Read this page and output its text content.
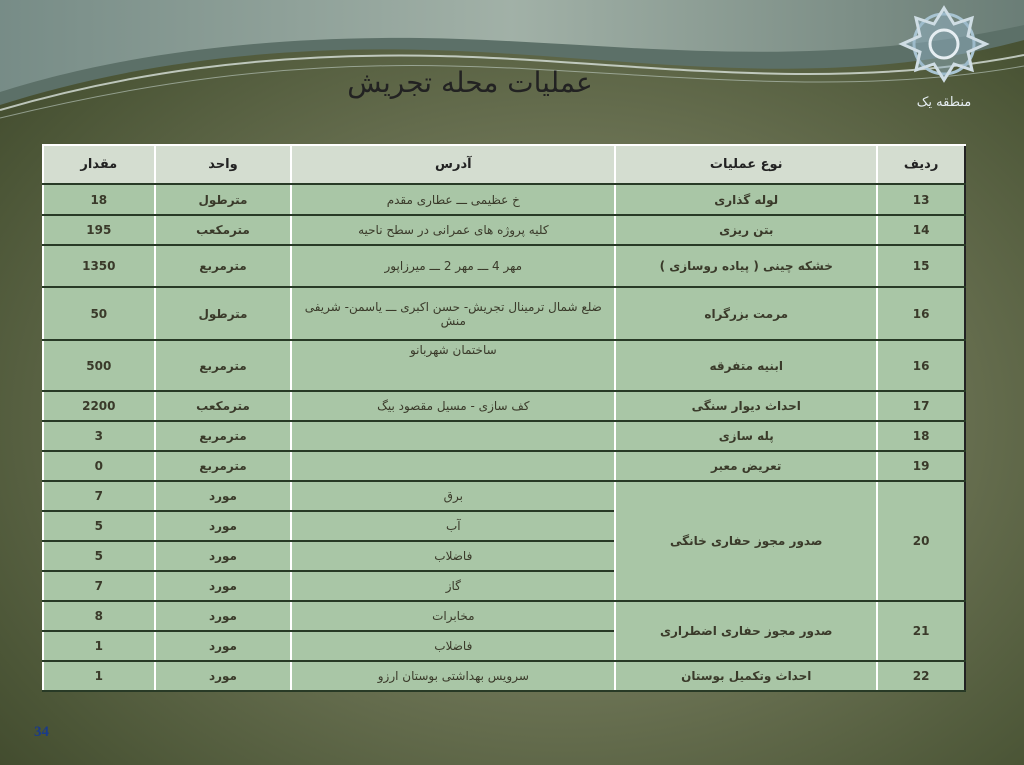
منطقه یک
عملیات محله تجریش
ردیف	نوع عملیات	آدرس	واحد	مقدار
13	لوله گذاری	خ عظیمی ـــ عطاری مقدم	مترطول	18
14	بتن ریزی	کلیه پروژه های عمرانی در سطح ناحیه	مترمکعب	195
15	خشکه چینی ( پیاده روسازی )	مهر 4 ـــ مهر 2 ـــ میرزاپور	مترمربع	1350
16	مرمت بزرگراه	ضلع شمال ترمینال تجریش- حسن اکبری ـــ یاسمن- شریفی منش	مترطول	50
16	ابنیه متفرقه	ساختمان شهربانو	مترمربع	500
17	احداث دیوار سنگی	کف سازی - مسیل مقصود بیگ	مترمکعب	2200
18	پله سازی		مترمربع	3
19	تعریض معبر		مترمربع	0
20	صدور مجوز حفاری خانگی	برق	مورد	7
		آب	مورد	5
		فاضلاب	مورد	5
		گاز	مورد	7
21	صدور مجوز حفاری اضطراری	مخابرات	مورد	8
		فاضلاب	مورد	1
22	احداث وتکمیل بوستان	سرویس بهداشتی بوستان ارزو	مورد	1
34
